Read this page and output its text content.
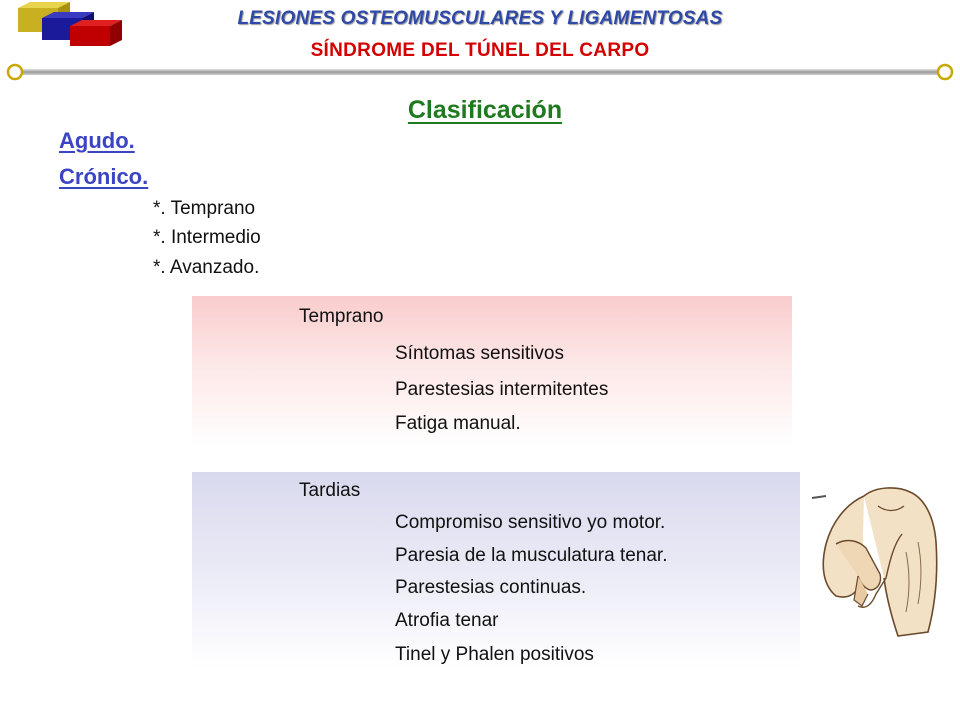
LESIONES OSTEOMUSCULARES Y LIGAMENTOSAS
SÍNDROME DEL TÚNEL DEL CARPO
Clasificación
Agudo.
Crónico.
*. Temprano
*. Intermedio
*. Avanzado.
Temprano
Síntomas sensitivos
Parestesias intermitentes
Fatiga manual.
Tardias
Compromiso sensitivo yo motor.
Paresia de la musculatura tenar.
Parestesias continuas.
Atrofia tenar
Tinel y Phalen positivos
